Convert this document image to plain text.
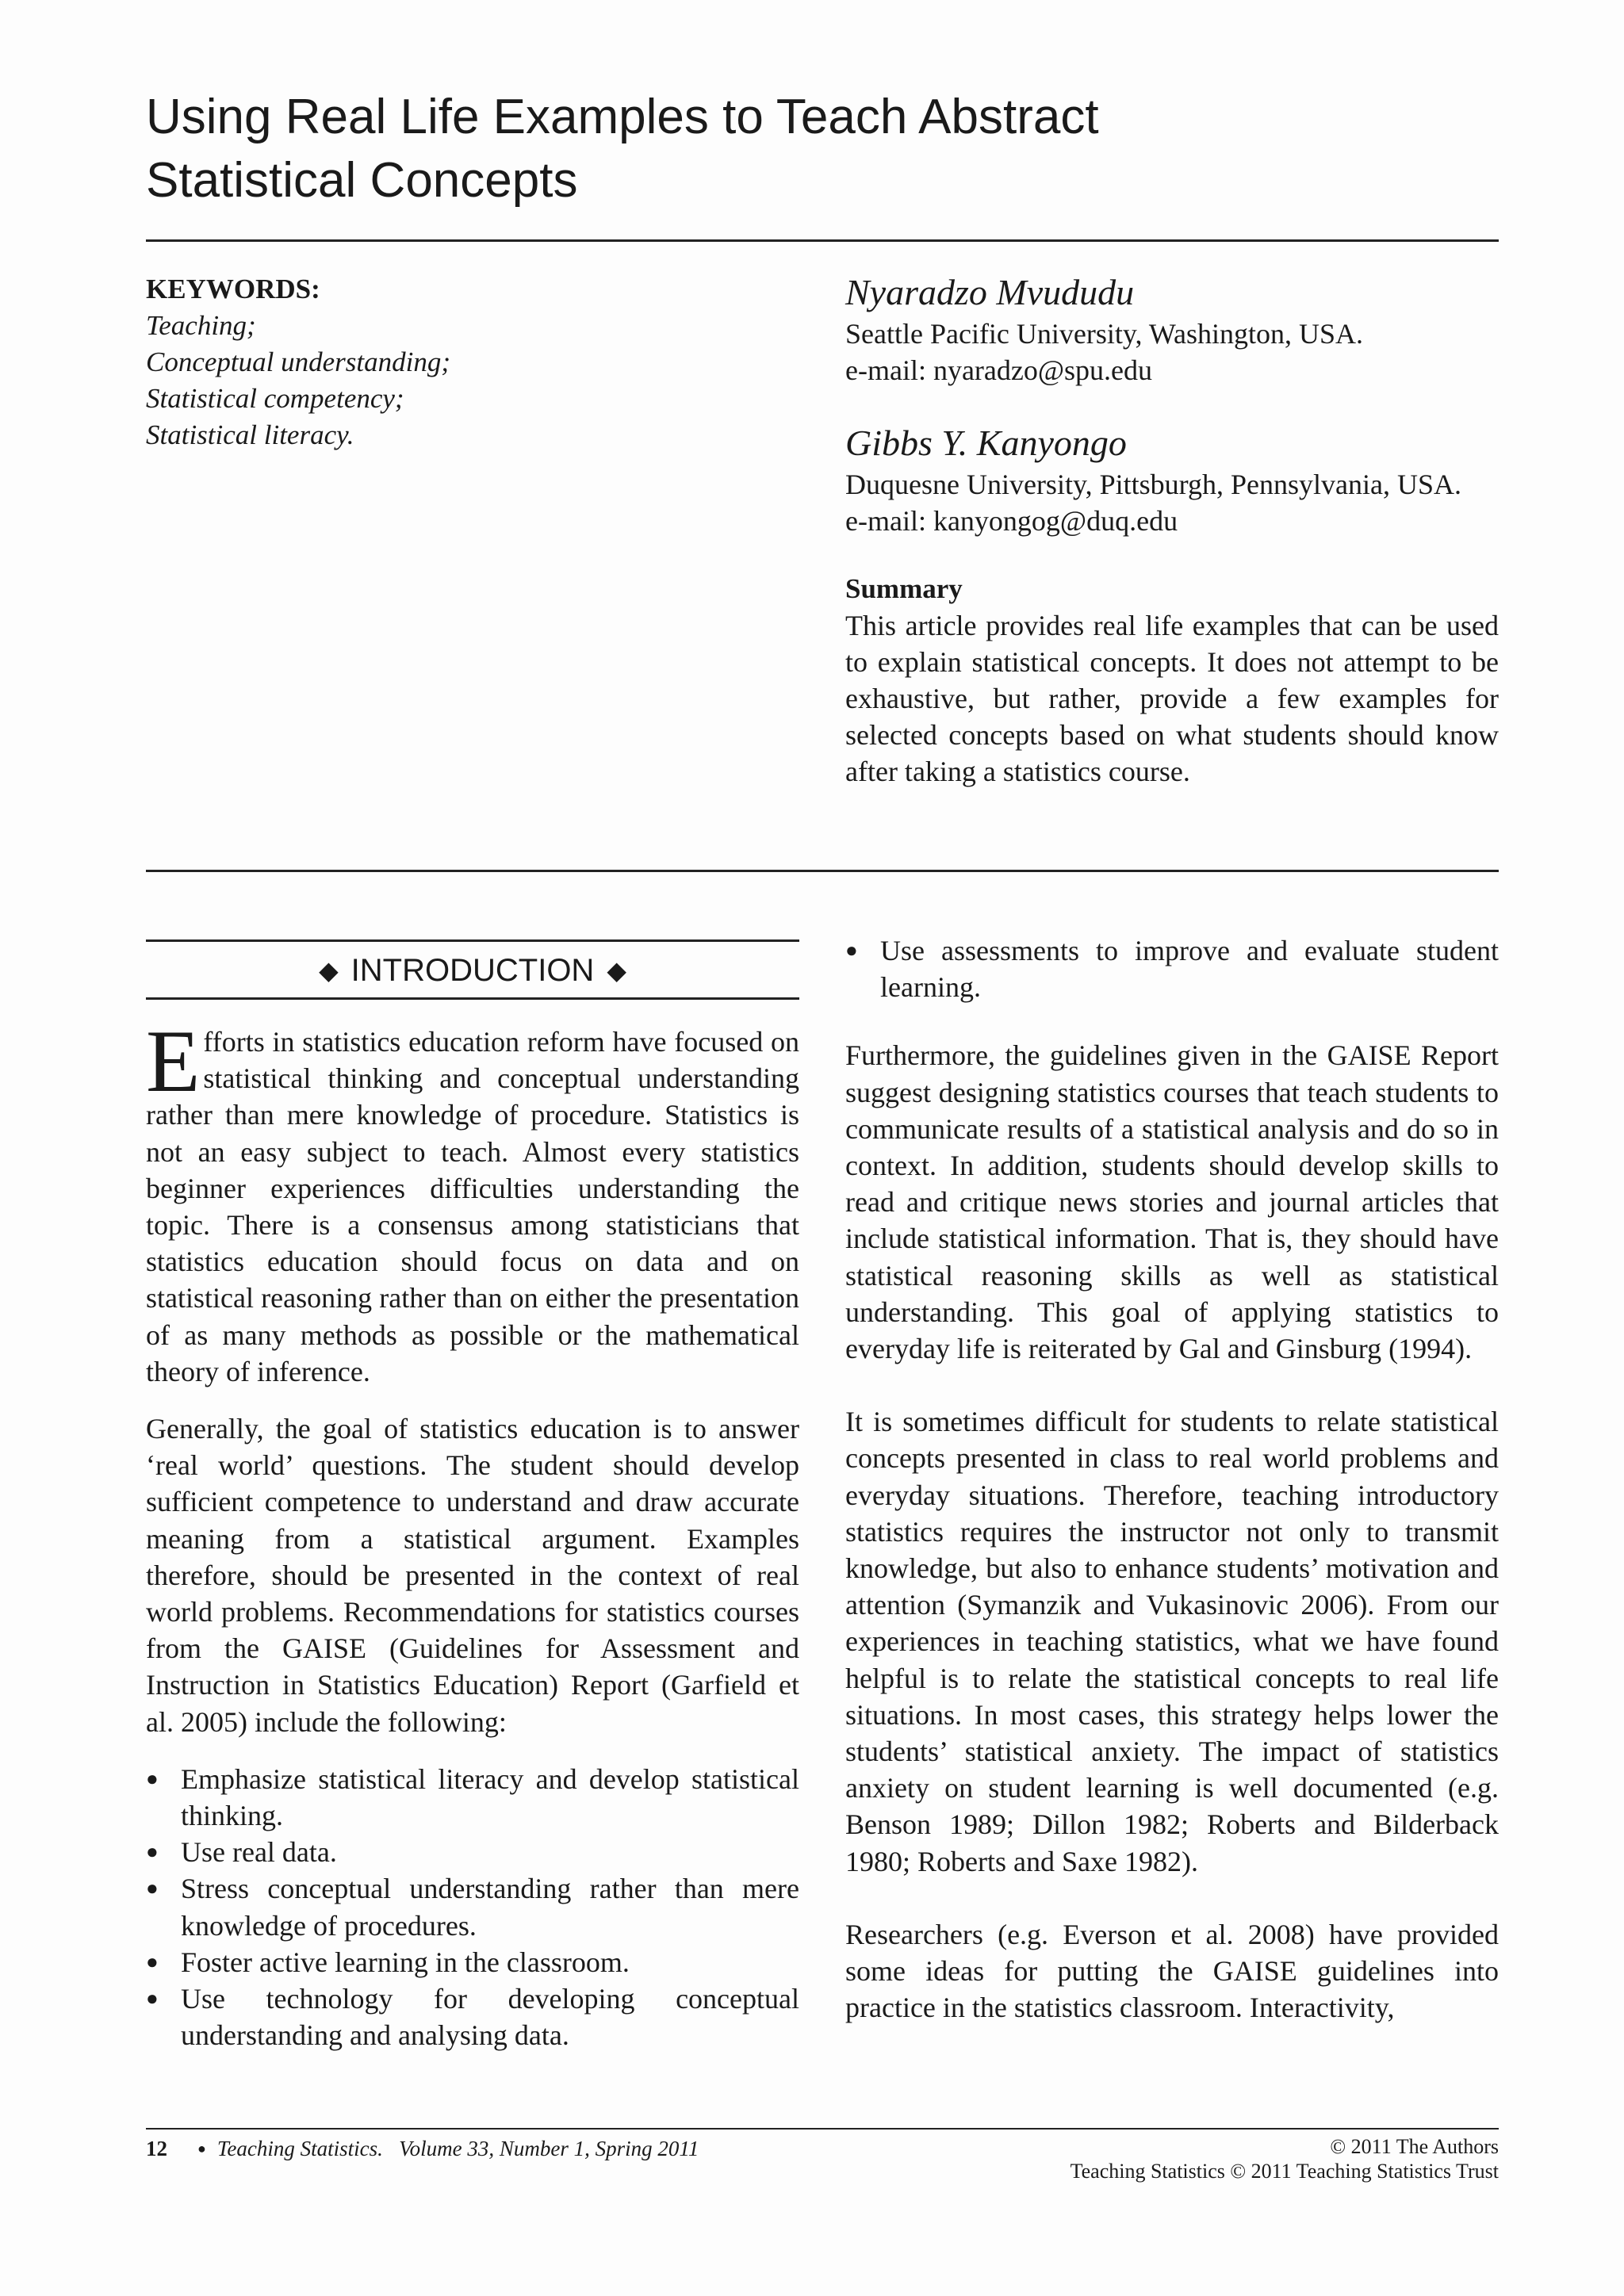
Using Real Life Examples to Teach Abstract
Statistical Concepts
KEYWORDS:
Teaching;
Conceptual understanding;
Statistical competency;
Statistical literacy.
Nyaradzo Mvududu
Seattle Pacific University, Washington, USA.
e-mail: nyaradzo@spu.edu
Gibbs Y. Kanyongo
Duquesne University, Pittsburgh, Pennsylvania, USA.
e-mail: kanyongog@duq.edu
Summary
This article provides real life examples that can be used to explain statistical concepts. It does not attempt to be exhaustive, but rather, provide a few examples for selected concepts based on what students should know after taking a statistics course.
◆ INTRODUCTION ◆

Efforts in statistics education reform have focused on statistical thinking and conceptual understanding rather than mere knowledge of procedure. Statistics is not an easy subject to teach. Almost every statistics beginner experiences difficulties understanding the topic. There is a consensus among statisticians that statistics education should focus on data and on statistical reasoning rather than on either the presentation of as many methods as possible or the mathematical theory of inference.

Generally, the goal of statistics education is to answer ‘real world’ questions. The student should develop sufficient competence to understand and draw accurate meaning from a statistical argument. Examples therefore, should be presented in the context of real world problems. Recommendations for statistics courses from the GAISE (Guidelines for Assessment and Instruction in Statistics Education) Report (Garfield et al. 2005) include the following:

● Emphasize statistical literacy and develop statistical thinking.
● Use real data.
● Stress conceptual understanding rather than mere knowledge of procedures.
● Foster active learning in the classroom.
● Use technology for developing conceptual understanding and analysing data.
● Use assessments to improve and evaluate student learning.

Furthermore, the guidelines given in the GAISE Report suggest designing statistics courses that teach students to communicate results of a statistical analysis and do so in context. In addition, students should develop skills to read and critique news stories and journal articles that include statistical information. That is, they should have statistical reasoning skills as well as statistical understanding. This goal of applying statistics to everyday life is reiterated by Gal and Ginsburg (1994).

It is sometimes difficult for students to relate statistical concepts presented in class to real world problems and everyday situations. Therefore, teaching introductory statistics requires the instructor not only to transmit knowledge, but also to enhance students’ motivation and attention (Symanzik and Vukasinovic 2006). From our experiences in teaching statistics, what we have found helpful is to relate the statistical concepts to real life situations. In most cases, this strategy helps lower the students’ statistical anxiety. The impact of statistics anxiety on student learning is well documented (e.g. Benson 1989; Dillon 1982; Roberts and Bilderback 1980; Roberts and Saxe 1982).

Researchers (e.g. Everson et al. 2008) have provided some ideas for putting the GAISE guidelines into practice in the statistics classroom. Interactivity,

12 ● Teaching Statistics.   Volume 33, Number 1, Spring 2011	© 2011 The Authors
Teaching Statistics © 2011 Teaching Statistics Trust
